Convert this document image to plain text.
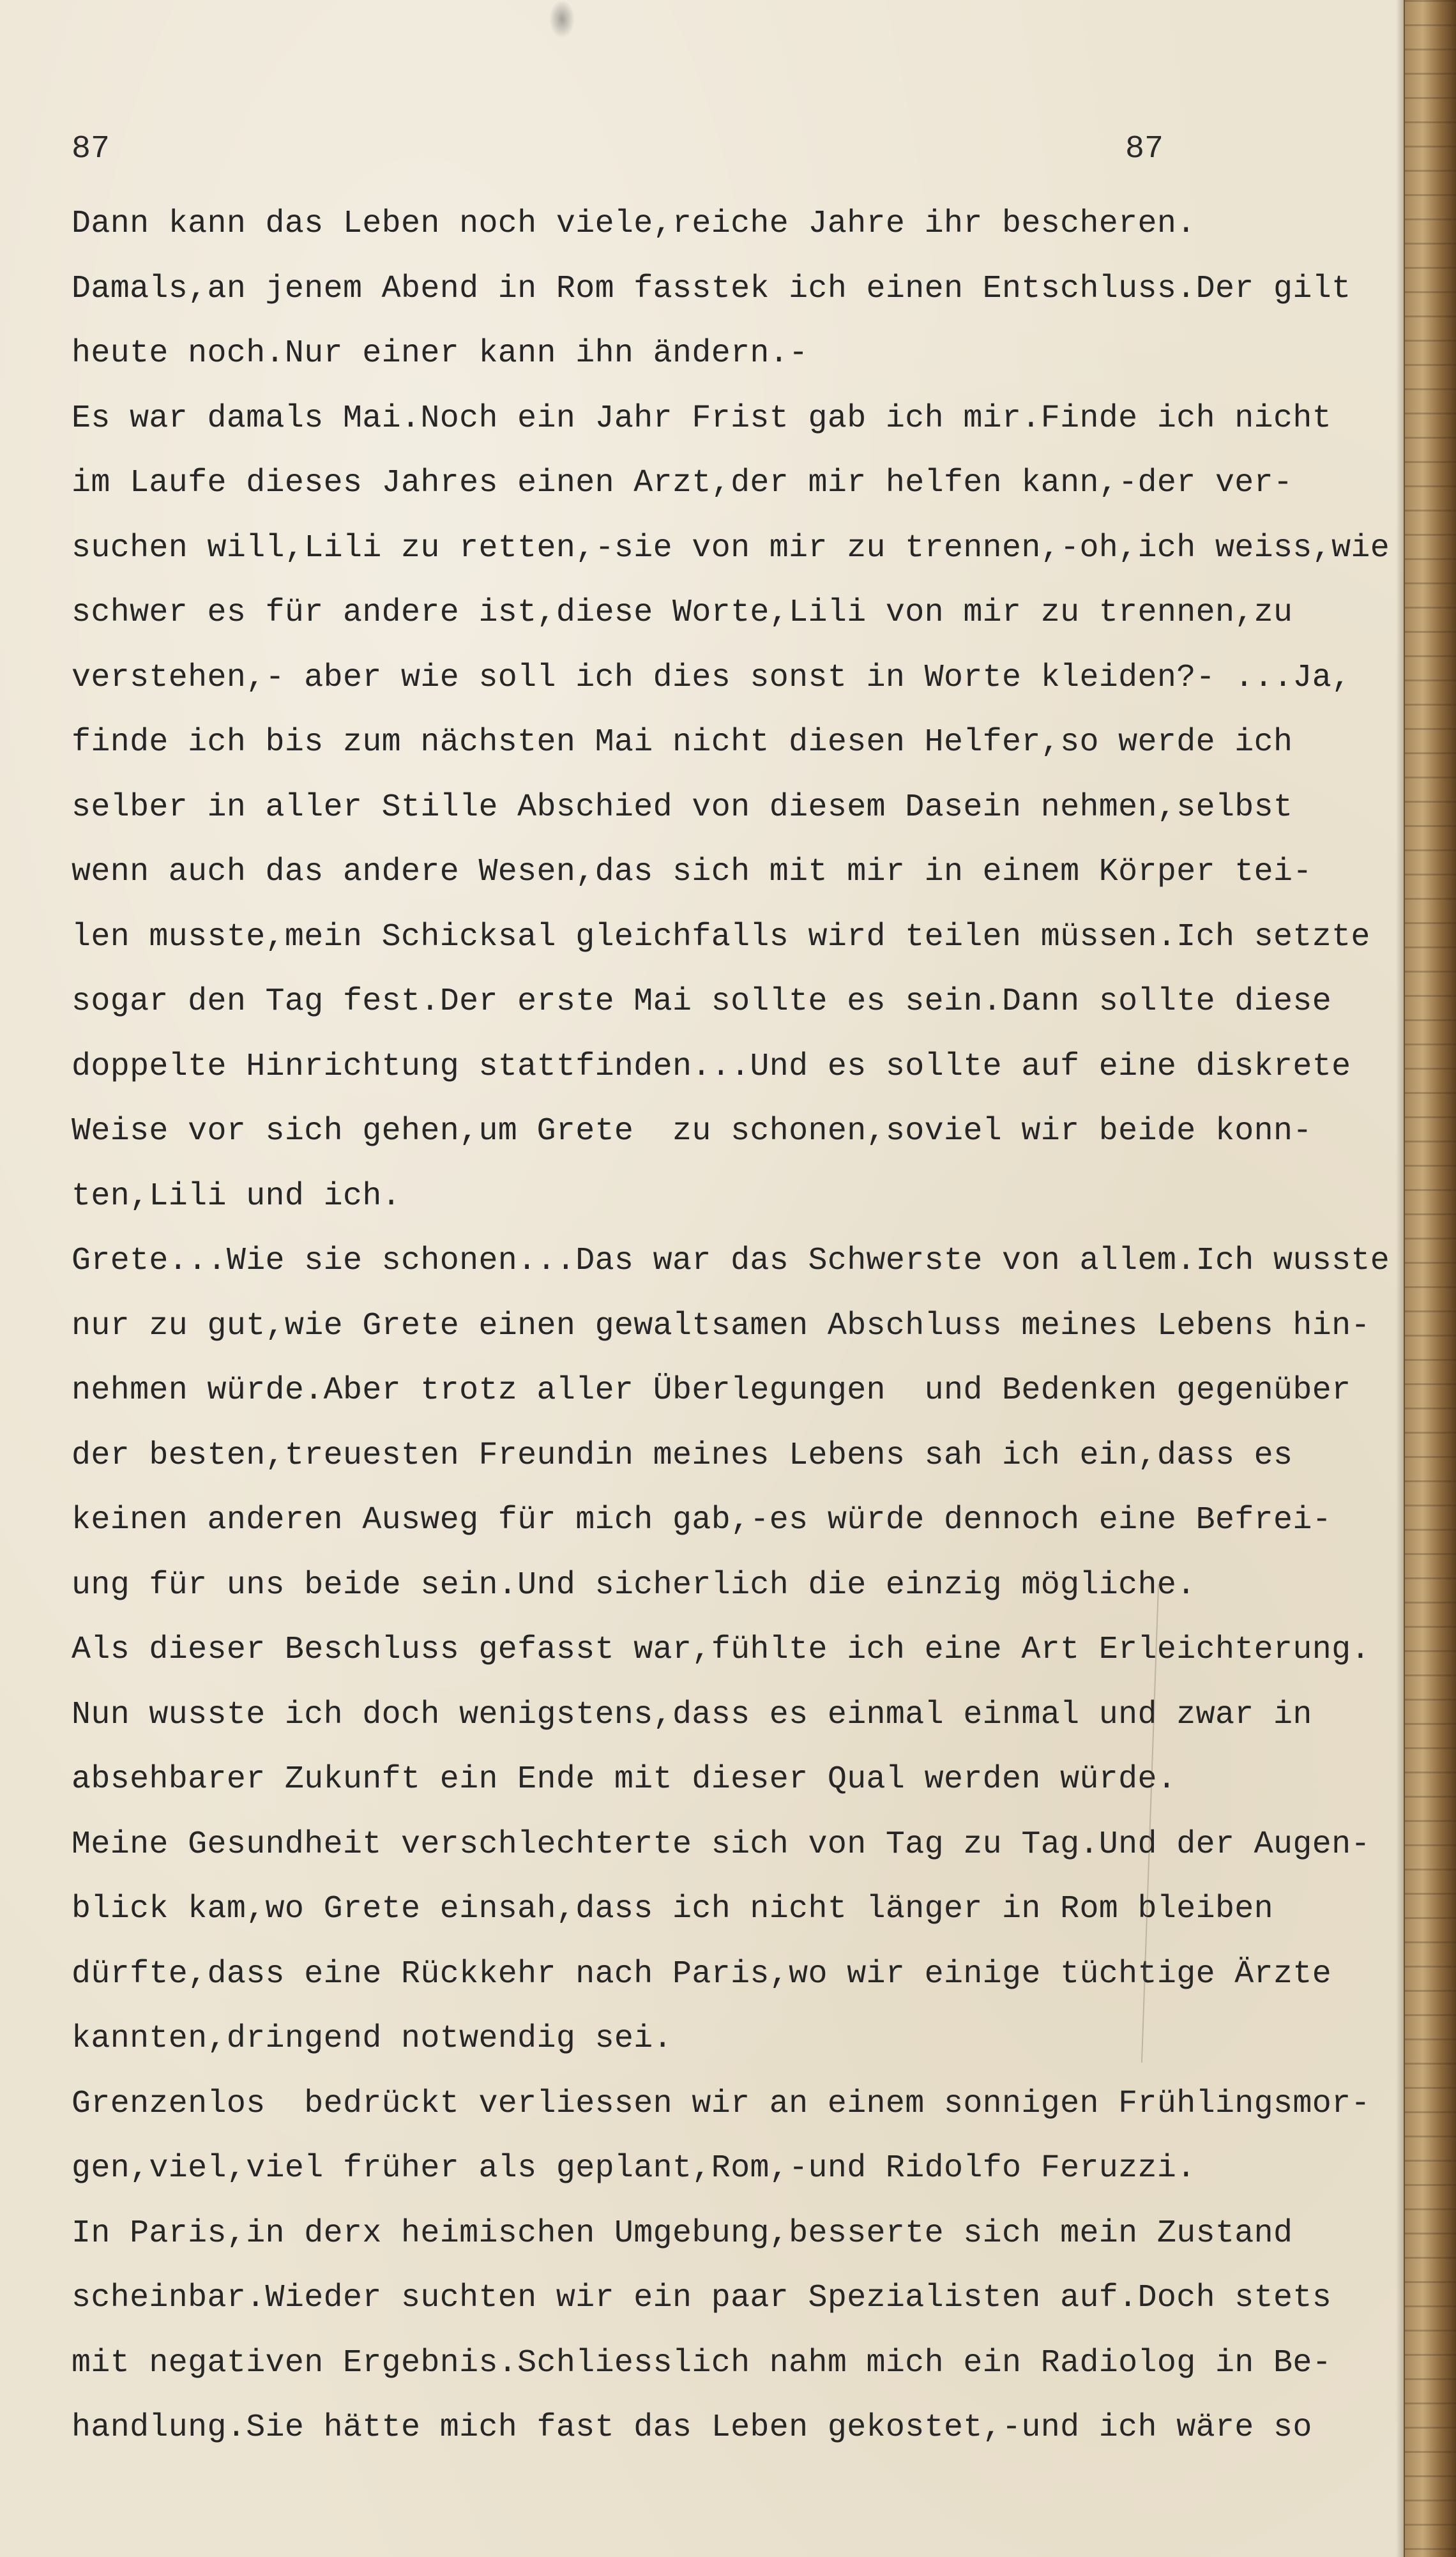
87	87
Dann kann das Leben noch viele,reiche Jahre ihr bescheren.
Damals,an jenem Abend in Rom fasstek ich einen Entschluss.Der gilt
heute noch.Nur einer kann ihn ändern.-
Es war damals Mai.Noch ein Jahr Frist gab ich mir.Finde ich nicht
im Laufe dieses Jahres einen Arzt,der mir helfen kann,-der ver-
suchen will,Lili zu retten,-sie von mir zu trennen,-oh,ich weiss,wie
schwer es für andere ist,diese Worte,Lili von mir zu trennen,zu
verstehen,- aber wie soll ich dies sonst in Worte kleiden?- ...Ja,
finde ich bis zum nächsten Mai nicht diesen Helfer,so werde ich
selber in aller Stille Abschied von diesem Dasein nehmen,selbst
wenn auch das andere Wesen,das sich mit mir in einem Körper tei-
len musste,mein Schicksal gleichfalls wird teilen müssen.Ich setzte
sogar den Tag fest.Der erste Mai sollte es sein.Dann sollte diese
doppelte Hinrichtung stattfinden...Und es sollte auf eine diskrete
Weise vor sich gehen,um Grete  zu schonen,soviel wir beide konn-
ten,Lili und ich.
Grete...Wie sie schonen...Das war das Schwerste von allem.Ich wusste
nur zu gut,wie Grete einen gewaltsamen Abschluss meines Lebens hin-
nehmen würde.Aber trotz aller Überlegungen  und Bedenken gegenüber
der besten,treuesten Freundin meines Lebens sah ich ein,dass es
keinen anderen Ausweg für mich gab,-es würde dennoch eine Befrei-
ung für uns beide sein.Und sicherlich die einzig mögliche.
Als dieser Beschluss gefasst war,fühlte ich eine Art Erleichterung.
Nun wusste ich doch wenigstens,dass es einmal einmal und zwar in
absehbarer Zukunft ein Ende mit dieser Qual werden würde.
Meine Gesundheit verschlechterte sich von Tag zu Tag.Und der Augen-
blick kam,wo Grete einsah,dass ich nicht länger in Rom bleiben
dürfte,dass eine Rückkehr nach Paris,wo wir einige tüchtige Ärzte
kannten,dringend notwendig sei.
Grenzenlos  bedrückt verliessen wir an einem sonnigen Frühlingsmor-
gen,viel,viel früher als geplant,Rom,-und Ridolfo Feruzzi.
In Paris,in derx heimischen Umgebung,besserte sich mein Zustand
scheinbar.Wieder suchten wir ein paar Spezialisten auf.Doch stets
mit negativen Ergebnis.Schliesslich nahm mich ein Radiolog in Be-
handlung.Sie hätte mich fast das Leben gekostet,-und ich wäre so
